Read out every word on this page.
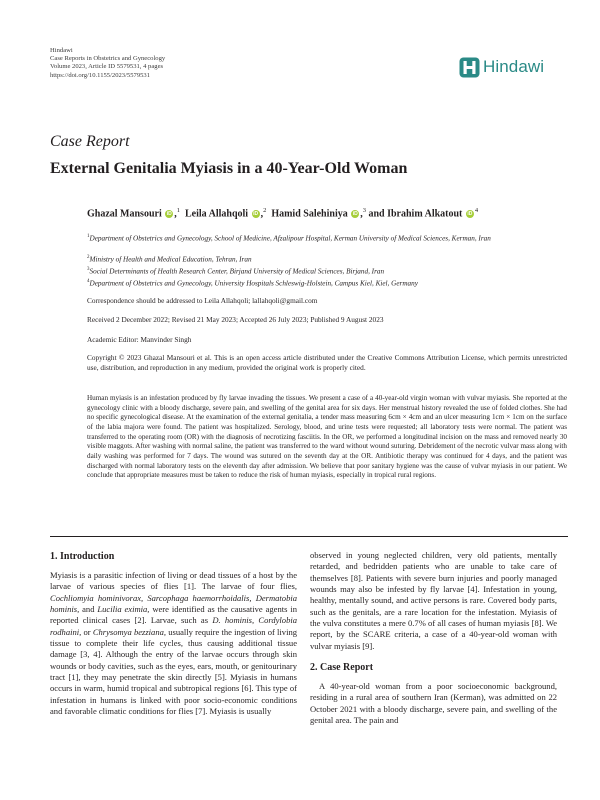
Hindawi
Case Reports in Obstetrics and Gynecology
Volume 2023, Article ID 5579531, 4 pages
https://doi.org/10.1155/2023/5579531	Hindawi
Case Report
External Genitalia Myiasis in a 40-Year-Old Woman
Ghazal Mansouri iD ,$^1$ Leila Allahqoli iD ,$^2$ Hamid Salehiniya iD ,$^3$ and Ibrahim Alkatout $iD^4$
$^1$Department of Obstetrics and Gynecology, School of Medicine, Afzalipour Hospital, Kerman University of Medical Sciences, Kerman, Iran
$^2$Ministry of Health and Medical Education, Tehran, Iran
$^3$Social Determinants of Health Research Center, Birjand University of Medical Sciences, Birjand, Iran
$^4$Department of Obstetrics and Gynecology, University Hospitals Schleswig-Holstein, Campus Kiel, Kiel, Germany
Correspondence should be addressed to Leila Allahqoli; lallahqoli@gmail.com
Received 2 December 2022; Revised 21 May 2023; Accepted 26 July 2023; Published 9 August 2023
Academic Editor: Manvinder Singh
Copyright © 2023 Ghazal Mansouri et al. This is an open access article distributed under the Creative Commons Attribution License, which permits unrestricted use, distribution, and reproduction in any medium, provided the original work is properly cited.
Human myiasis is an infestation produced by fly larvae invading the tissues. We present a case of a 40-year-old virgin woman with vulvar myiasis. She reported at the gynecology clinic with a bloody discharge, severe pain, and swelling of the genital area for six days. Her menstrual history revealed the use of folded clothes. She had no specific gynecological disease. At the examination of the external genitalia, a tender mass measuring 6cm × 4cm and an ulcer measuring 1cm × 1cm on the surface of the labia majora were found. The patient was hospitalized. Serology, blood, and urine tests were requested; all laboratory tests were normal. The patient was transferred to the operating room (OR) with the diagnosis of necrotizing fasciitis. In the OR, we performed a longitudinal incision on the mass and removed nearly 30 visible maggots. After washing with normal saline, the patient was transferred to the ward without wound suturing. Debridement of the necrotic vulvar mass along with daily washing was performed for 7 days. The wound was sutured on the seventh day at the OR. Antibiotic therapy was continued for 4 days, and the patient was discharged with normal laboratory tests on the eleventh day after admission. We believe that poor sanitary hygiene was the cause of vulvar myiasis in our patient. We conclude that appropriate measures must be taken to reduce the risk of human myiasis, especially in tropical rural regions.
1. Introduction

Myiasis is a parasitic infection of living or dead tissues of a host by the larvae of various species of flies [1]. The larvae of four flies, Cochliomyia hominivorax, Sarcophaga haemorrhoidalis, Dermatobia hominis, and Lucilia eximia, were identified as the causative agents in reported clinical cases [2]. Larvae, such as D. hominis, Cordylobia rodhaini, or Chrysomya bezziana, usually require the ingestion of living tissue to complete their life cycles, thus causing additional tissue damage [3, 4]. Although the entry of the larvae occurs through skin wounds or body cavities, such as the eyes, ears, mouth, or genitourinary tract [1], they may penetrate the skin directly [5]. Myiasis in humans occurs in warm, humid tropical and subtropical regions [6]. This type of infestation in humans is linked with poor socio-economic conditions and favorable climatic conditions for flies [7]. Myiasis is usually

observed in young neglected children, very old patients, mentally retarded, and bedridden patients who are unable to take care of themselves [8]. Patients with severe burn injuries and poorly managed wounds may also be infested by fly larvae [4]. Infestation in young, healthy, mentally sound, and active persons is rare. Covered body parts, such as the genitals, are a rare location for the infestation. Myiasis of the vulva constitutes a mere 0.7% of all cases of human myiasis [8]. We report, by the SCARE criteria, a case of a 40-year-old woman with vulvar myiasis [9].

2. Case Report

A 40-year-old woman from a poor socioeconomic background, residing in a rural area of southern Iran (Kerman), was admitted on 22 October 2021 with a bloody discharge, severe pain, and swelling of the genital area. The pain and
